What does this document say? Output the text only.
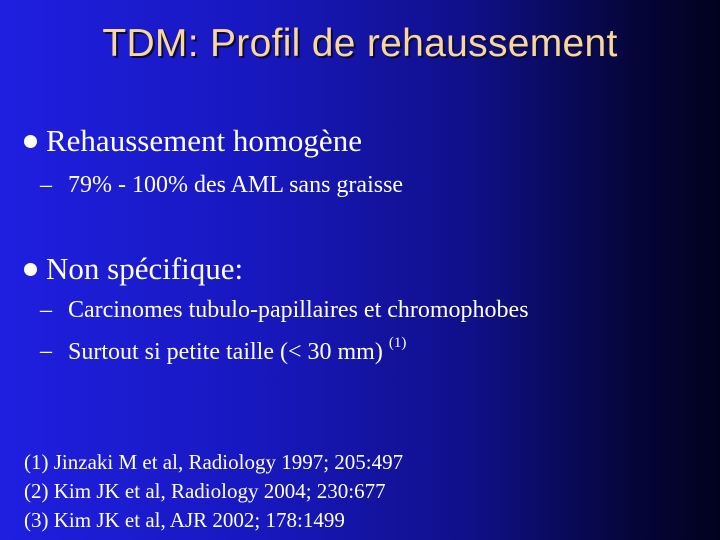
TDM: Profil de rehaussement
Rehaussement homogène
– 79% - 100% des AML sans graisse
Non spécifique:
– Carcinomes tubulo-papillaires et chromophobes
– Surtout si petite taille (< 30 mm) $^{(1)}$
(1) Jinzaki M et al, Radiology 1997; 205:497
(2) Kim JK et al, Radiology 2004; 230:677
(3) Kim JK et al, AJR 2002; 178:1499
